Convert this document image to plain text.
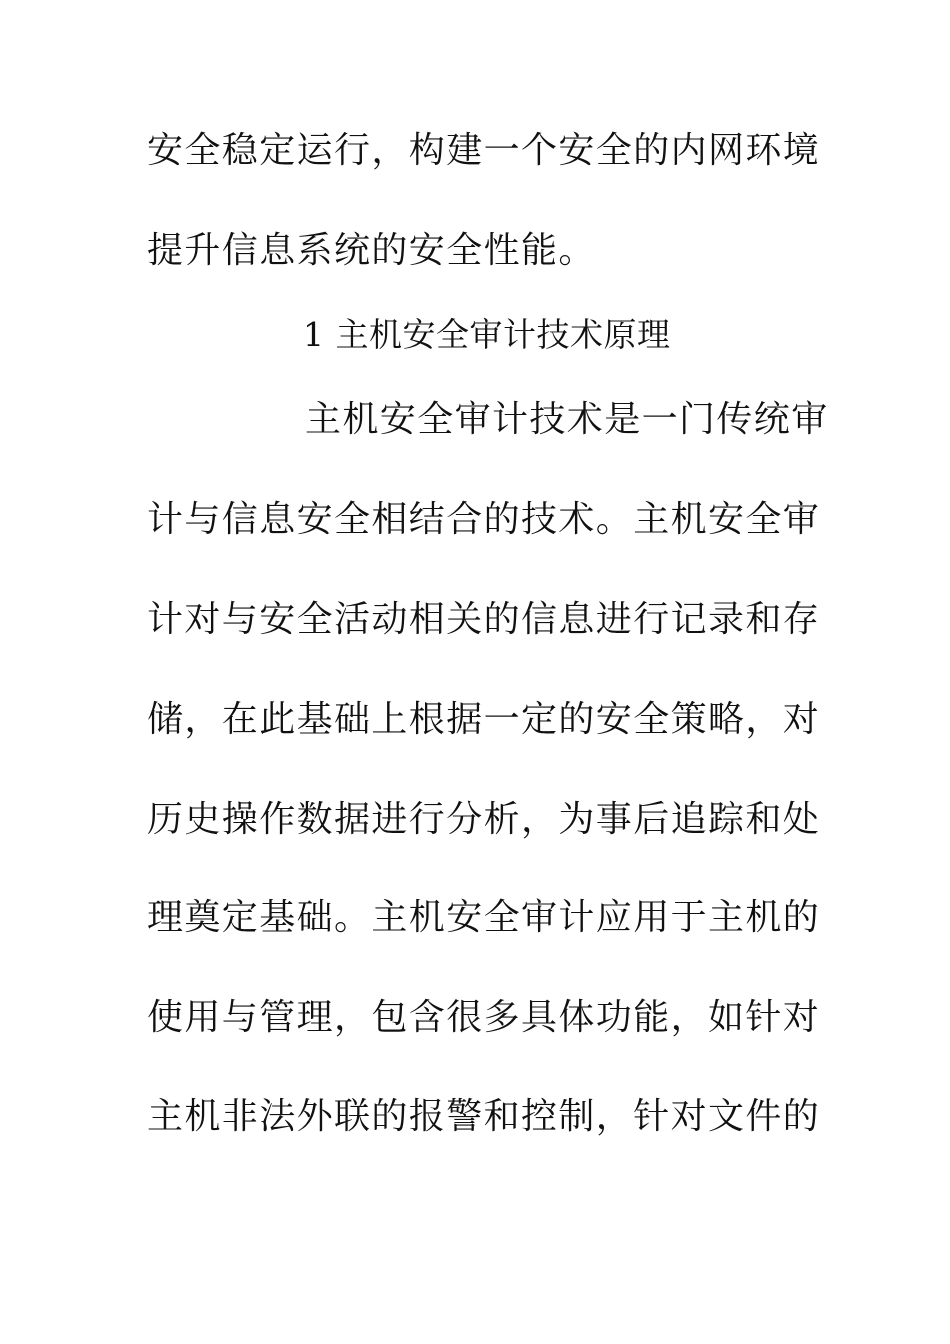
安全稳定运行，构建一个安全的内网环境
提升信息系统的安全性能。
1 主机安全审计技术原理
主机安全审计技术是一门传统审
计与信息安全相结合的技术。主机安全审
计对与安全活动相关的信息进行记录和存
储，在此基础上根据一定的安全策略，对
历史操作数据进行分析，为事后追踪和处
理奠定基础。主机安全审计应用于主机的
使用与管理，包含很多具体功能，如针对
主机非法外联的报警和控制，针对文件的
